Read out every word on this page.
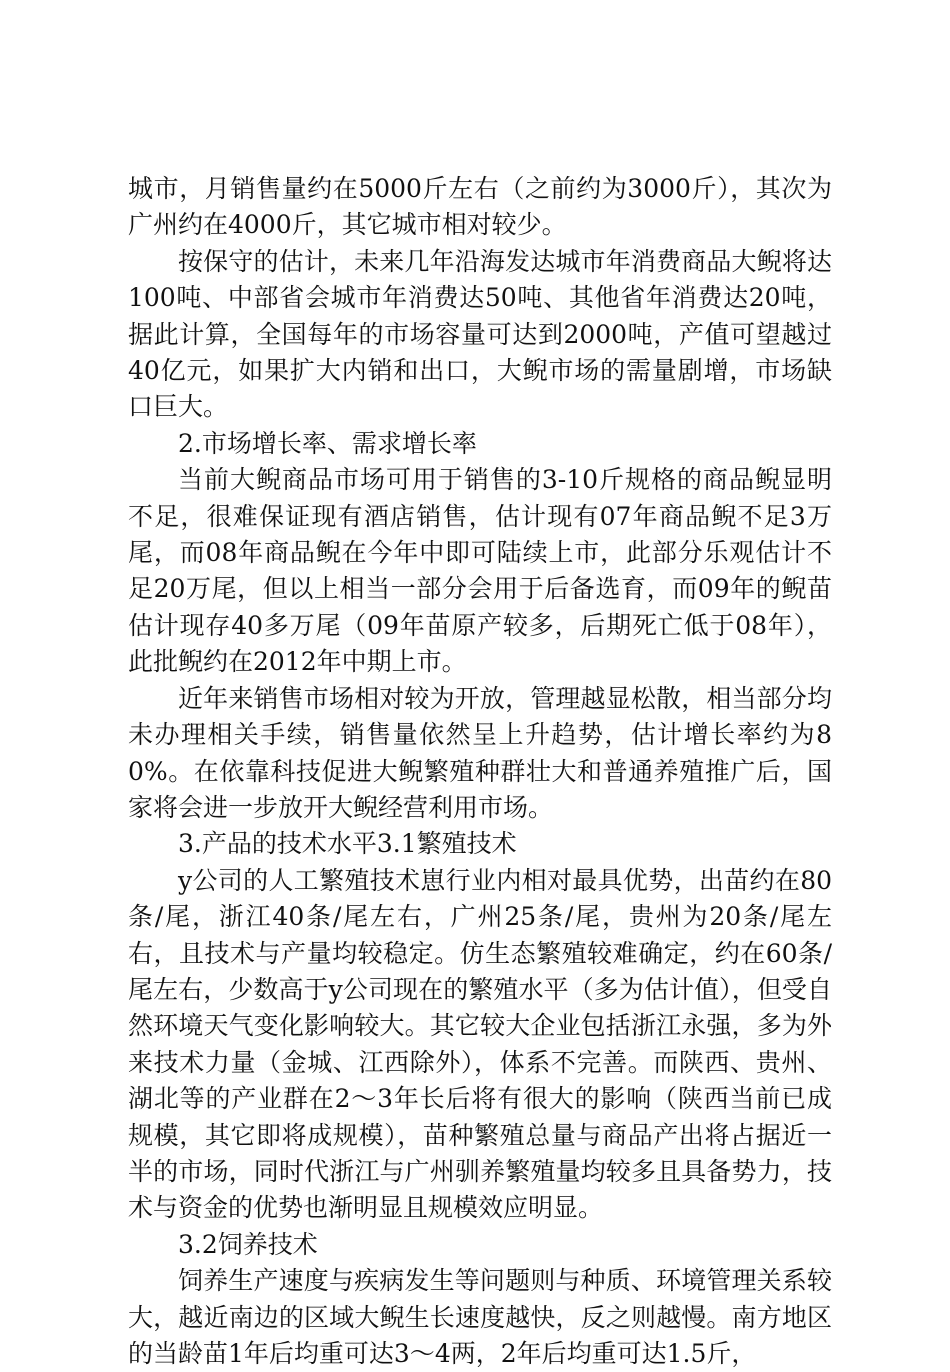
城市，月销售量约在5000斤左右（之前约为3000斤），其次为广州约在4000斤，其它城市相对较少。

按保守的估计，未来几年沿海发达城市年消费商品大鲵将达100吨、中部省会城市年消费达50吨、其他省年消费达20吨，据此计算，全国每年的市场容量可达到2000吨，产值可望越过40亿元，如果扩大内销和出口，大鲵市场的需量剧增，市场缺口巨大。

2.市场增长率、需求增长率

当前大鲵商品市场可用于销售的3-10斤规格的商品鲵显明不足，很难保证现有酒店销售，估计现有07年商品鲵不足3万尾，而08年商品鲵在今年中即可陆续上市，此部分乐观估计不足20万尾，但以上相当一部分会用于后备选育，而09年的鲵苗估计现存40多万尾（09年苗原产较多，后期死亡低于08年），此批鲵约在2012年中期上市。

近年来销售市场相对较为开放，管理越显松散，相当部分均未办理相关手续，销售量依然呈上升趋势，估计增长率约为80%。在依靠科技促进大鲵繁殖种群壮大和普通养殖推广后，国家将会进一步放开大鲵经营利用市场。

3.产品的技术水平3.1繁殖技术

y公司的人工繁殖技术崽行业内相对最具优势，出苗约在80条/尾，浙江40条/尾左右，广州25条/尾，贵州为20条/尾左右，且技术与产量均较稳定。仿生态繁殖较难确定，约在60条/尾左右，少数高于y公司现在的繁殖水平（多为估计值），但受自然环境天气变化影响较大。其它较大企业包括浙江永强，多为外来技术力量（金城、江西除外），体系不完善。而陕西、贵州、湖北等的产业群在2～3年长后将有很大的影响（陕西当前已成规模，其它即将成规模），苗种繁殖总量与商品产出将占据近一半的市场，同时代浙江与广州驯养繁殖量均较多且具备势力，技术与资金的优势也渐明显且规模效应明显。

3.2饲养技术

饲养生产速度与疾病发生等问题则与种质、环境管理关系较大，越近南边的区域大鲵生长速度越快，反之则越慢。南方地区的当龄苗1年后均重可达3～4两，2年后均重可达1.5斤，
